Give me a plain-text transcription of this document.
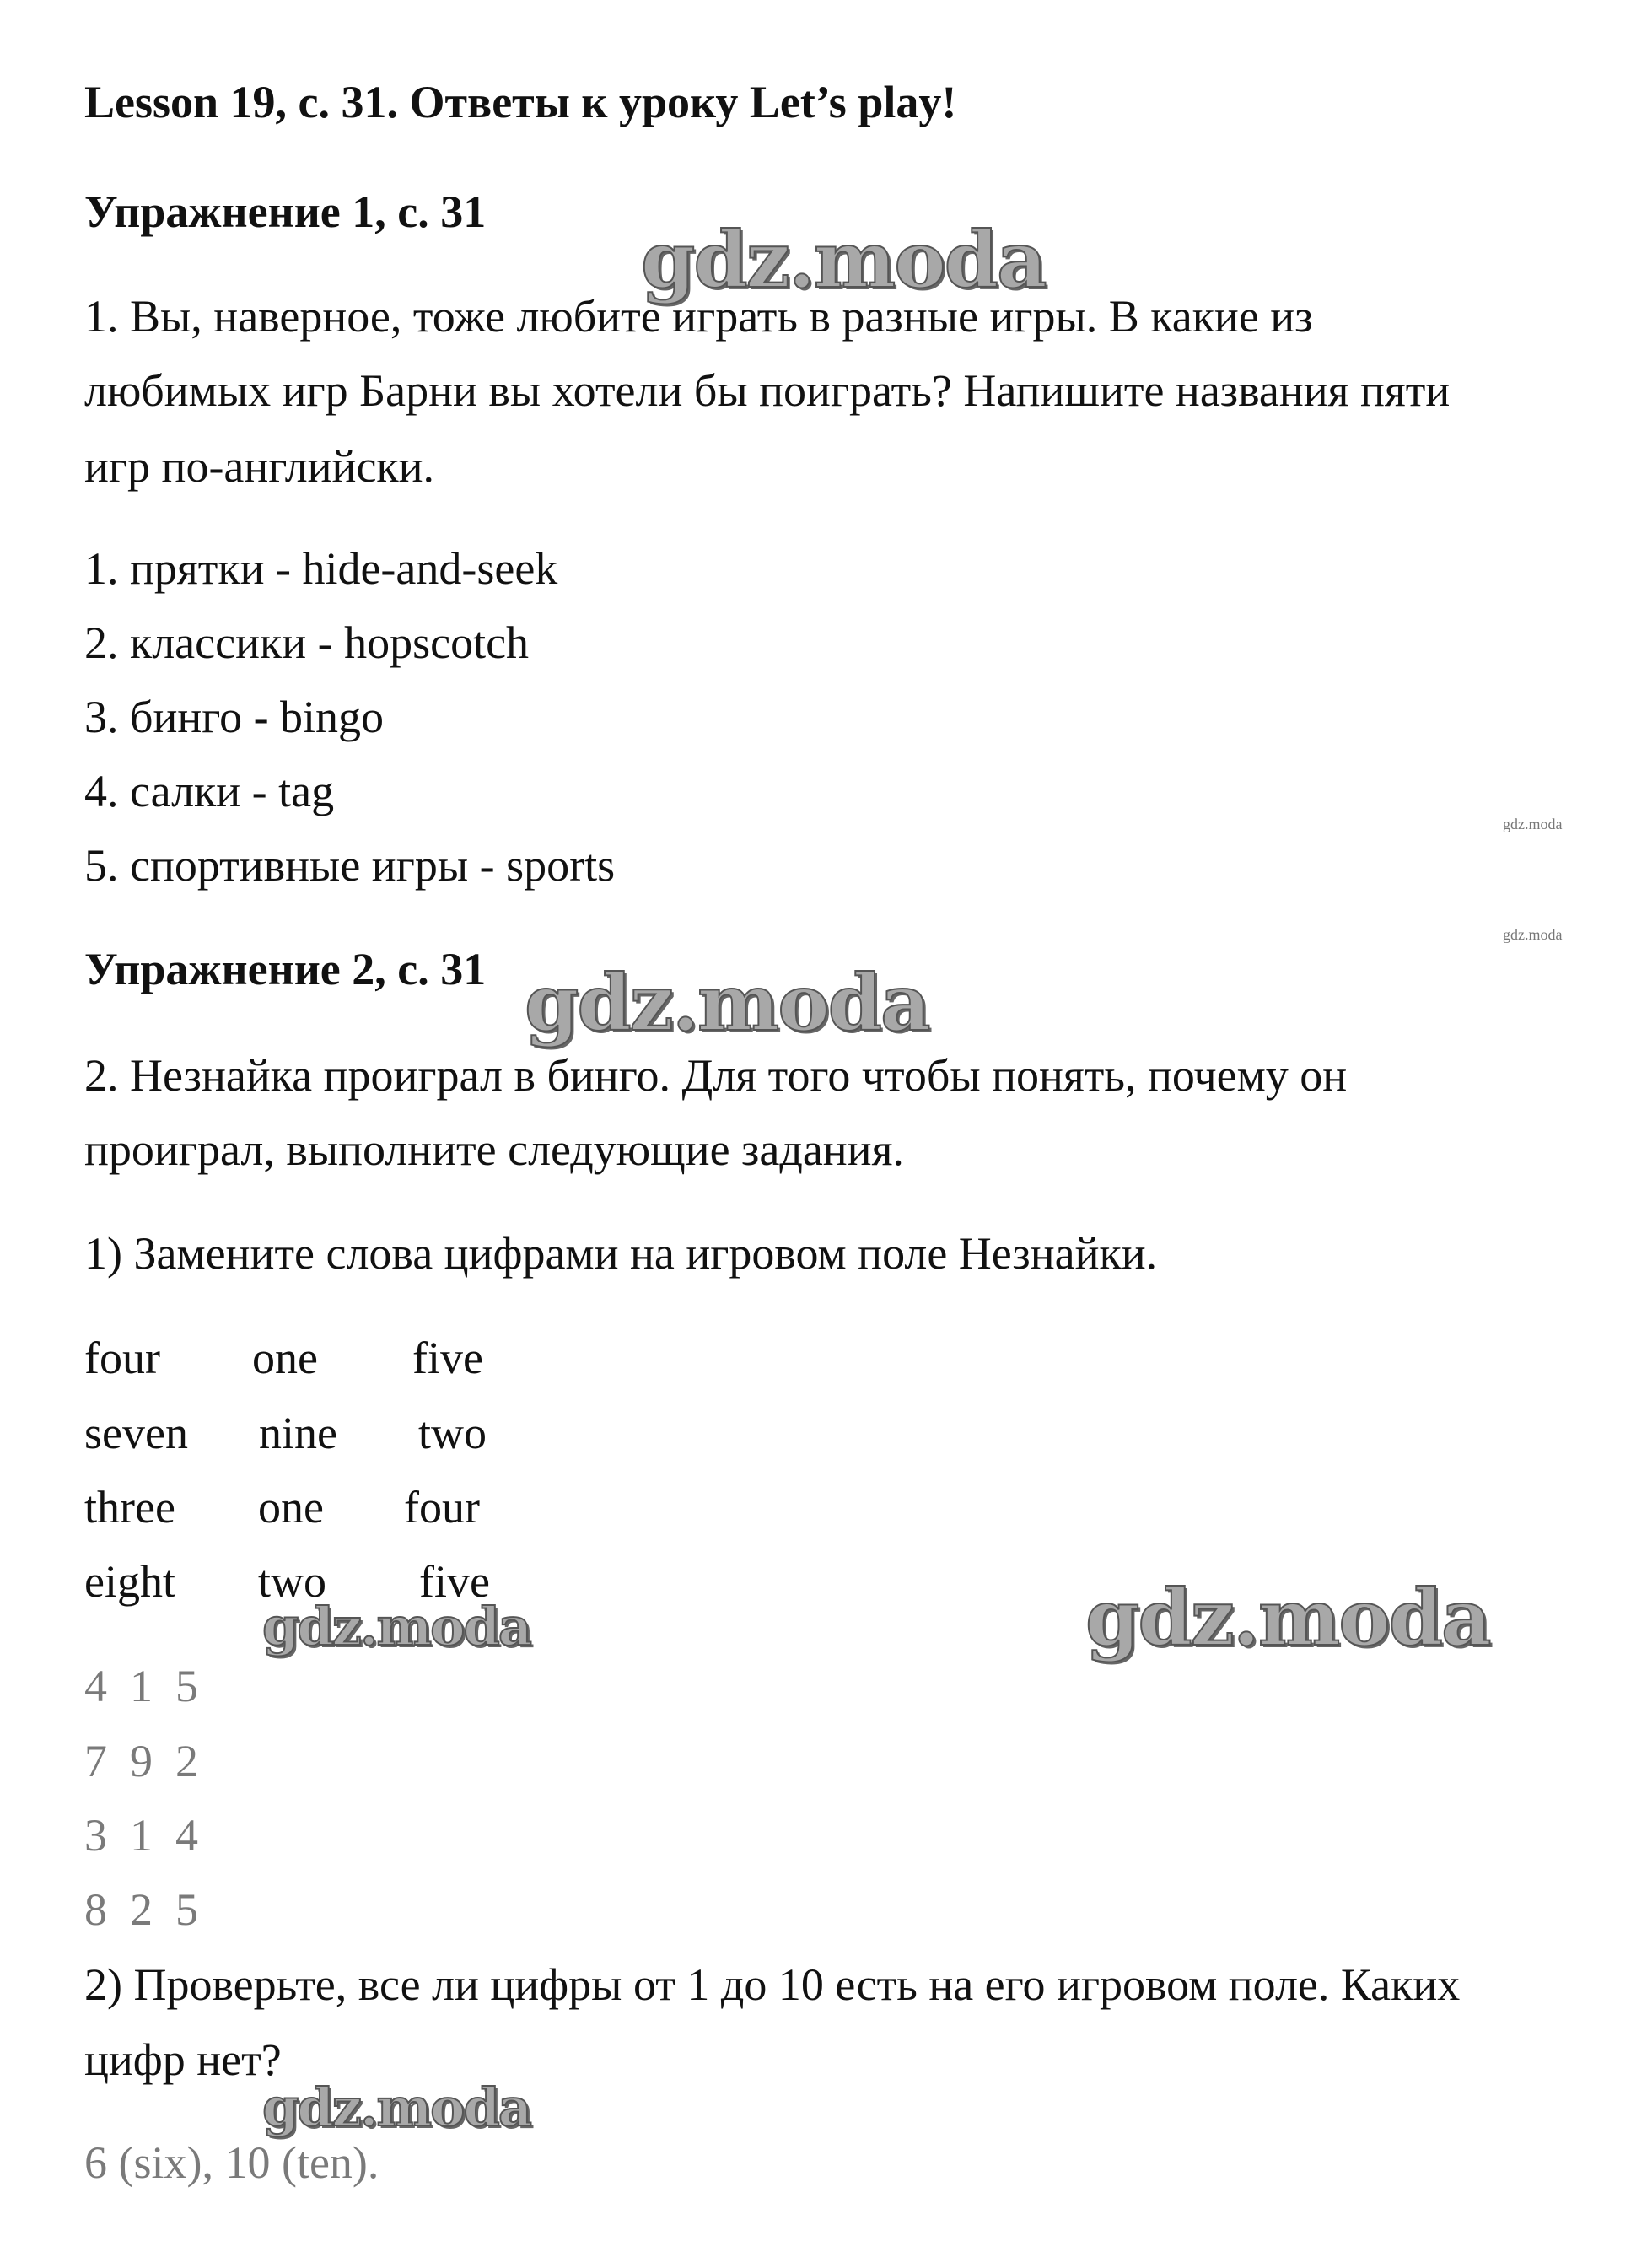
Lesson 19, с. 31. Ответы к уроку Let’s play!
Упражнение 1, с. 31
gdz.moda
1. Вы, наверное, тоже любите играть в разные игры. В какие из
любимых игр Барни вы хотели бы поиграть? Напишите названия пяти
игр по-английски.
1. прятки - hide-and-seek
2. классики - hopscotch
3. бинго - bingo
4. салки - tag
5. спортивные игры - sports
gdz.moda
gdz.moda
Упражнение 2, с. 31 gdz.moda
2. Незнайка проиграл в бинго. Для того чтобы понять, почему он
проиграл, выполните следующие задания.
1) Замените слова цифрами на игровом поле Незнайки.
four one five
seven nine two
three one four
eight two five
gdz.moda	gdz.moda
4  1  5
7  9  2
3  1  4
8  2  5
2) Проверьте, все ли цифры от 1 до 10 есть на его игровом поле. Каких
цифр нет?
gdz.moda
6 (six), 10 (ten).
